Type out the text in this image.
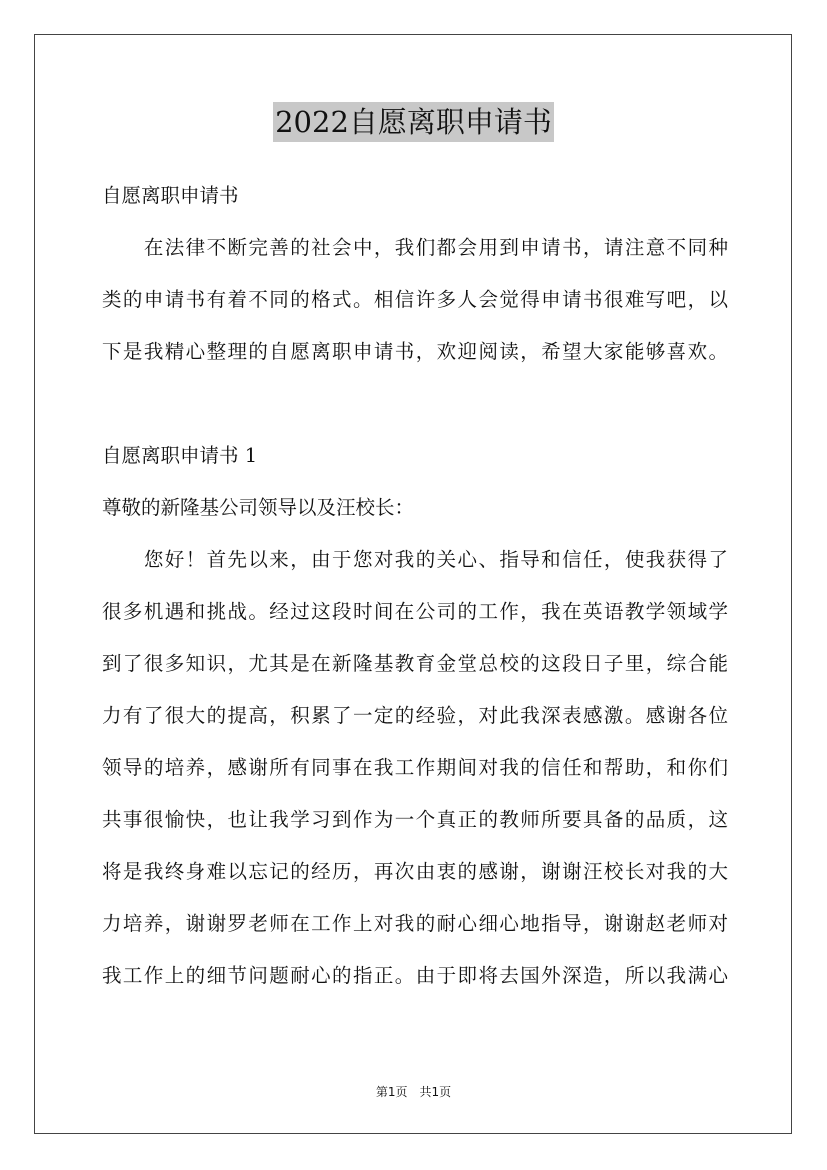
2022自愿离职申请书
自愿离职申请书
　　在法律不断完善的社会中，我们都会用到申请书，请注意不同种
类的申请书有着不同的格式。相信许多人会觉得申请书很难写吧，以
下是我精心整理的自愿离职申请书，欢迎阅读，希望大家能够喜欢。
自愿离职申请书 1
尊敬的新隆基公司领导以及汪校长：
　　您好！首先以来，由于您对我的关心、指导和信任，使我获得了
很多机遇和挑战。经过这段时间在公司的工作，我在英语教学领域学
到了很多知识，尤其是在新隆基教育金堂总校的这段日子里，综合能
力有了很大的提高，积累了一定的经验，对此我深表感激。感谢各位
领导的培养，感谢所有同事在我工作期间对我的信任和帮助，和你们
共事很愉快，也让我学习到作为一个真正的教师所要具备的品质，这
将是我终身难以忘记的经历，再次由衷的感谢，谢谢汪校长对我的大
力培养，谢谢罗老师在工作上对我的耐心细心地指导，谢谢赵老师对
我工作上的细节问题耐心的指正。由于即将去国外深造，所以我满心
第1页　共1页
